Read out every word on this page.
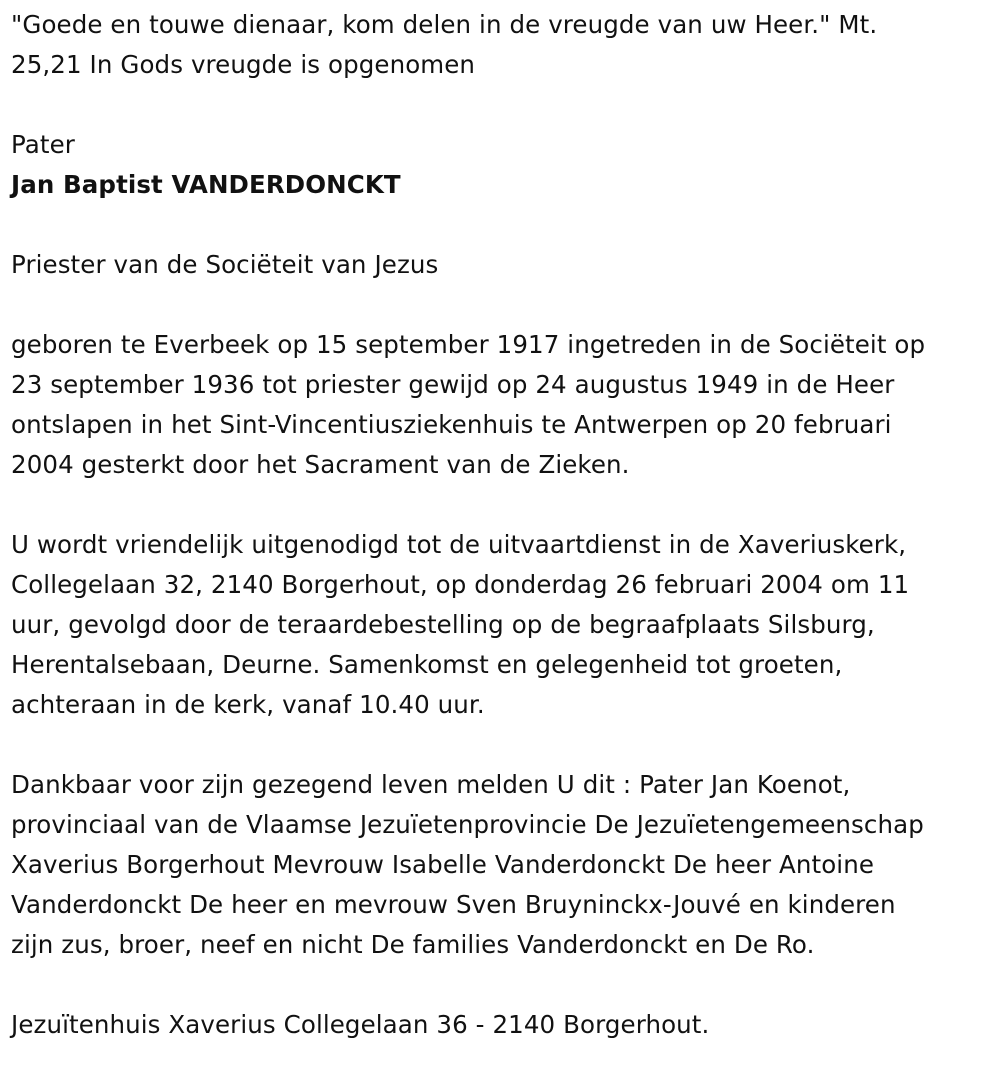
"Goede en touwe dienaar, kom delen in de vreugde van uw Heer." Mt.
25,21 In Gods vreugde is opgenomen
Pater
Jan Baptist VANDERDONCKT
Priester van de Sociëteit van Jezus
geboren te Everbeek op 15 september 1917 ingetreden in de Sociëteit op
23 september 1936 tot priester gewijd op 24 augustus 1949 in de Heer
ontslapen in het Sint-Vincentiusziekenhuis te Antwerpen op 20 februari
2004 gesterkt door het Sacrament van de Zieken.
U wordt vriendelijk uitgenodigd tot de uitvaartdienst in de Xaveriuskerk,
Collegelaan 32, 2140 Borgerhout, op donderdag 26 februari 2004 om 11
uur, gevolgd door de teraardebestelling op de begraafplaats Silsburg,
Herentalsebaan, Deurne. Samenkomst en gelegenheid tot groeten,
achteraan in de kerk, vanaf 10.40 uur.
Dankbaar voor zijn gezegend leven melden U dit : Pater Jan Koenot,
provinciaal van de Vlaamse Jezuïetenprovincie De Jezuïetengemeenschap
Xaverius Borgerhout Mevrouw Isabelle Vanderdonckt De heer Antoine
Vanderdonckt De heer en mevrouw Sven Bruyninckx-Jouvé en kinderen
zijn zus, broer, neef en nicht De families Vanderdonckt en De Ro.
Jezuïtenhuis Xaverius Collegelaan 36 - 2140 Borgerhout.
